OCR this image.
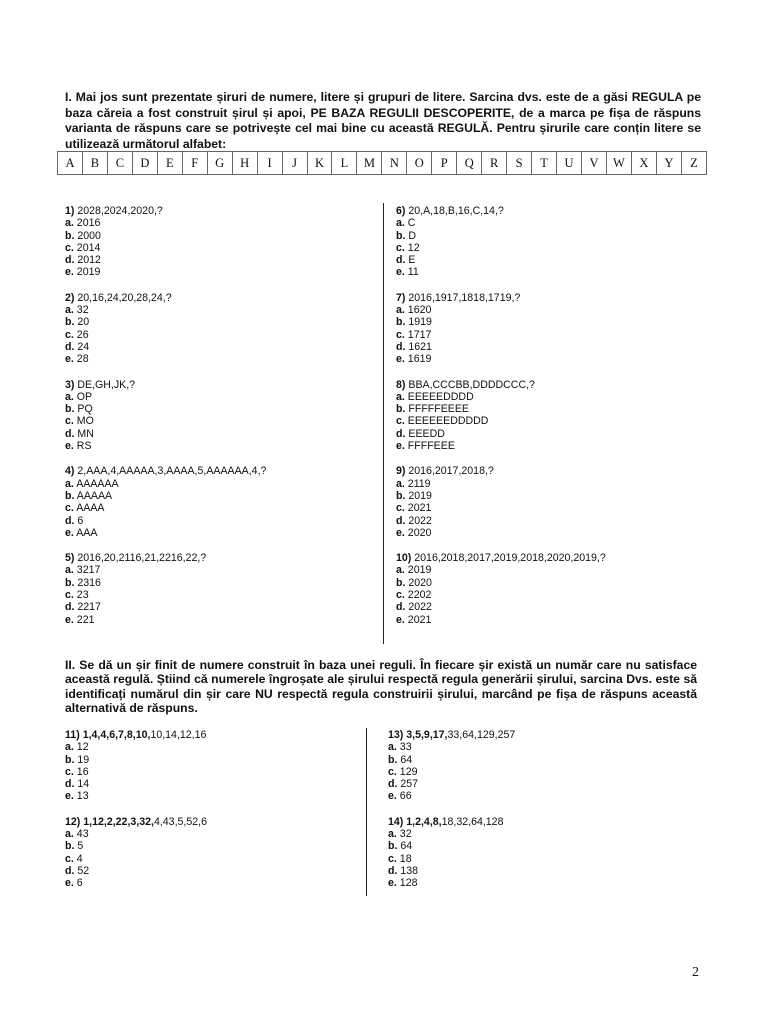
I. Mai jos sunt prezentate șiruri de numere, litere și grupuri de litere. Sarcina dvs. este de a găsi REGULA pe baza căreia a fost construit șirul și apoi, PE BAZA REGULII DESCOPERITE, de a marca pe fișa de răspuns varianta de răspuns care se potrivește cel mai bine cu această REGULĂ. Pentru șirurile care conțin litere se utilizează următorul alfabet:
A	B	C	D	E	F	G	H	I	J	K	L	M	N	O	P	Q	R	S	T	U	V	W	X	Y	Z
1) 2028,2024,2020,?
a. 2016
b. 2000
c. 2014
d. 2012
e. 2019
2) 20,16,24,20,28,24,?
a. 32
b. 20
c. 26
d. 24
e. 28
3) DE,GH,JK,?
a. OP
b. PQ
c. MO
d. MN
e. RS
4) 2,AAA,4,AAAAA,3,AAAA,5,AAAAAA,4,?
a. AAAAAA
b. AAAAA
c. AAAA
d. 6
e. AAA
5) 2016,20,2116,21,2216,22,?
a. 3217
b. 2316
c. 23
d. 2217
e. 221
6) 20,A,18,B,16,C,14,?
a. C
b. D
c. 12
d. E
e. 11
7) 2016,1917,1818,1719,?
a. 1620
b. 1919
c. 1717
d. 1621
e. 1619
8) BBA,CCCBB,DDDDCCC,?
a. EEEEEDDDD
b. FFFFFEEEE
c. EEEEEEDDDDD
d. EEEDD
e. FFFFEEE
9) 2016,2017,2018,?
a. 2119
b. 2019
c. 2021
d. 2022
e. 2020
10) 2016,2018,2017,2019,2018,2020,2019,?
a. 2019
b. 2020
c. 2202
d. 2022
e. 2021
II. Se dă un șir finit de numere construit în baza unei reguli. În fiecare șir există un număr care nu satisface această regulă. Știind că numerele îngroșate ale șirului respectă regula generării șirului, sarcina Dvs. este să identificați numărul din șir care NU respectă regula construirii șirului, marcând pe fișa de răspuns această alternativă de răspuns.
11) 1,4,4,6,7,8,10,10,14,12,16
a. 12
b. 19
c. 16
d. 14
e. 13
12) 1,12,2,22,3,32,4,43,5,52,6
a. 43
b. 5
c. 4
d. 52
e. 6
13) 3,5,9,17,33,64,129,257
a. 33
b. 64
c. 129
d. 257
e. 66
14) 1,2,4,8,18,32,64,128
a. 32
b. 64
c. 18
d. 138
e. 128
2
